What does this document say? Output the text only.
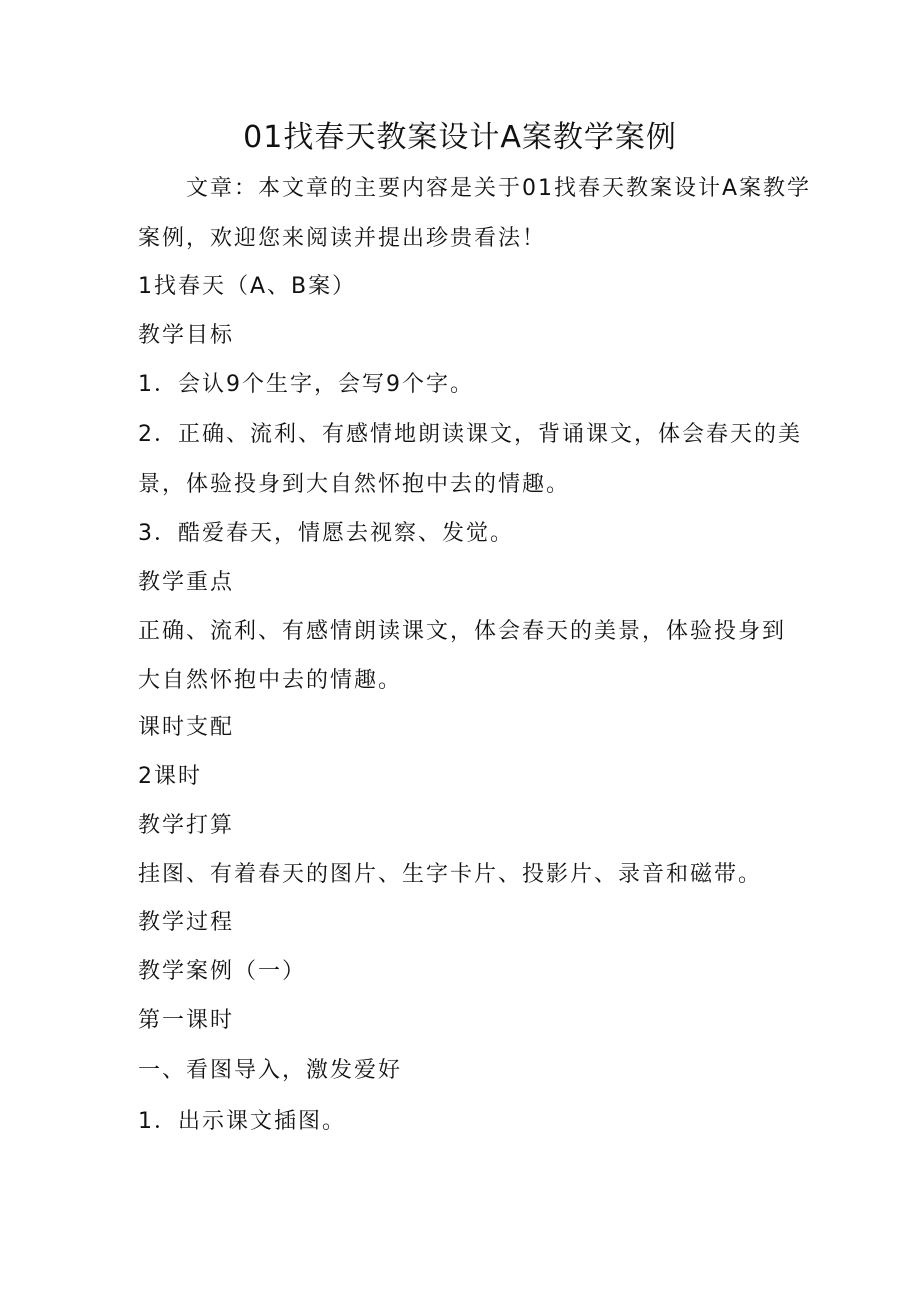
01找春天教案设计A案教学案例
文章：本文章的主要内容是关于01找春天教案设计A案教学
案例，欢迎您来阅读并提出珍贵看法！
1找春天（A、B案）
教学目标
1．会认9个生字，会写9个字。
2．正确、流利、有感情地朗读课文，背诵课文，体会春天的美
景，体验投身到大自然怀抱中去的情趣。
3．酷爱春天，情愿去视察、发觉。
教学重点
正确、流利、有感情朗读课文，体会春天的美景，体验投身到
大自然怀抱中去的情趣。
课时支配
2课时
教学打算
挂图、有着春天的图片、生字卡片、投影片、录音和磁带。
教学过程
教学案例（一）
第一课时
一、看图导入，激发爱好
1．出示课文插图。
